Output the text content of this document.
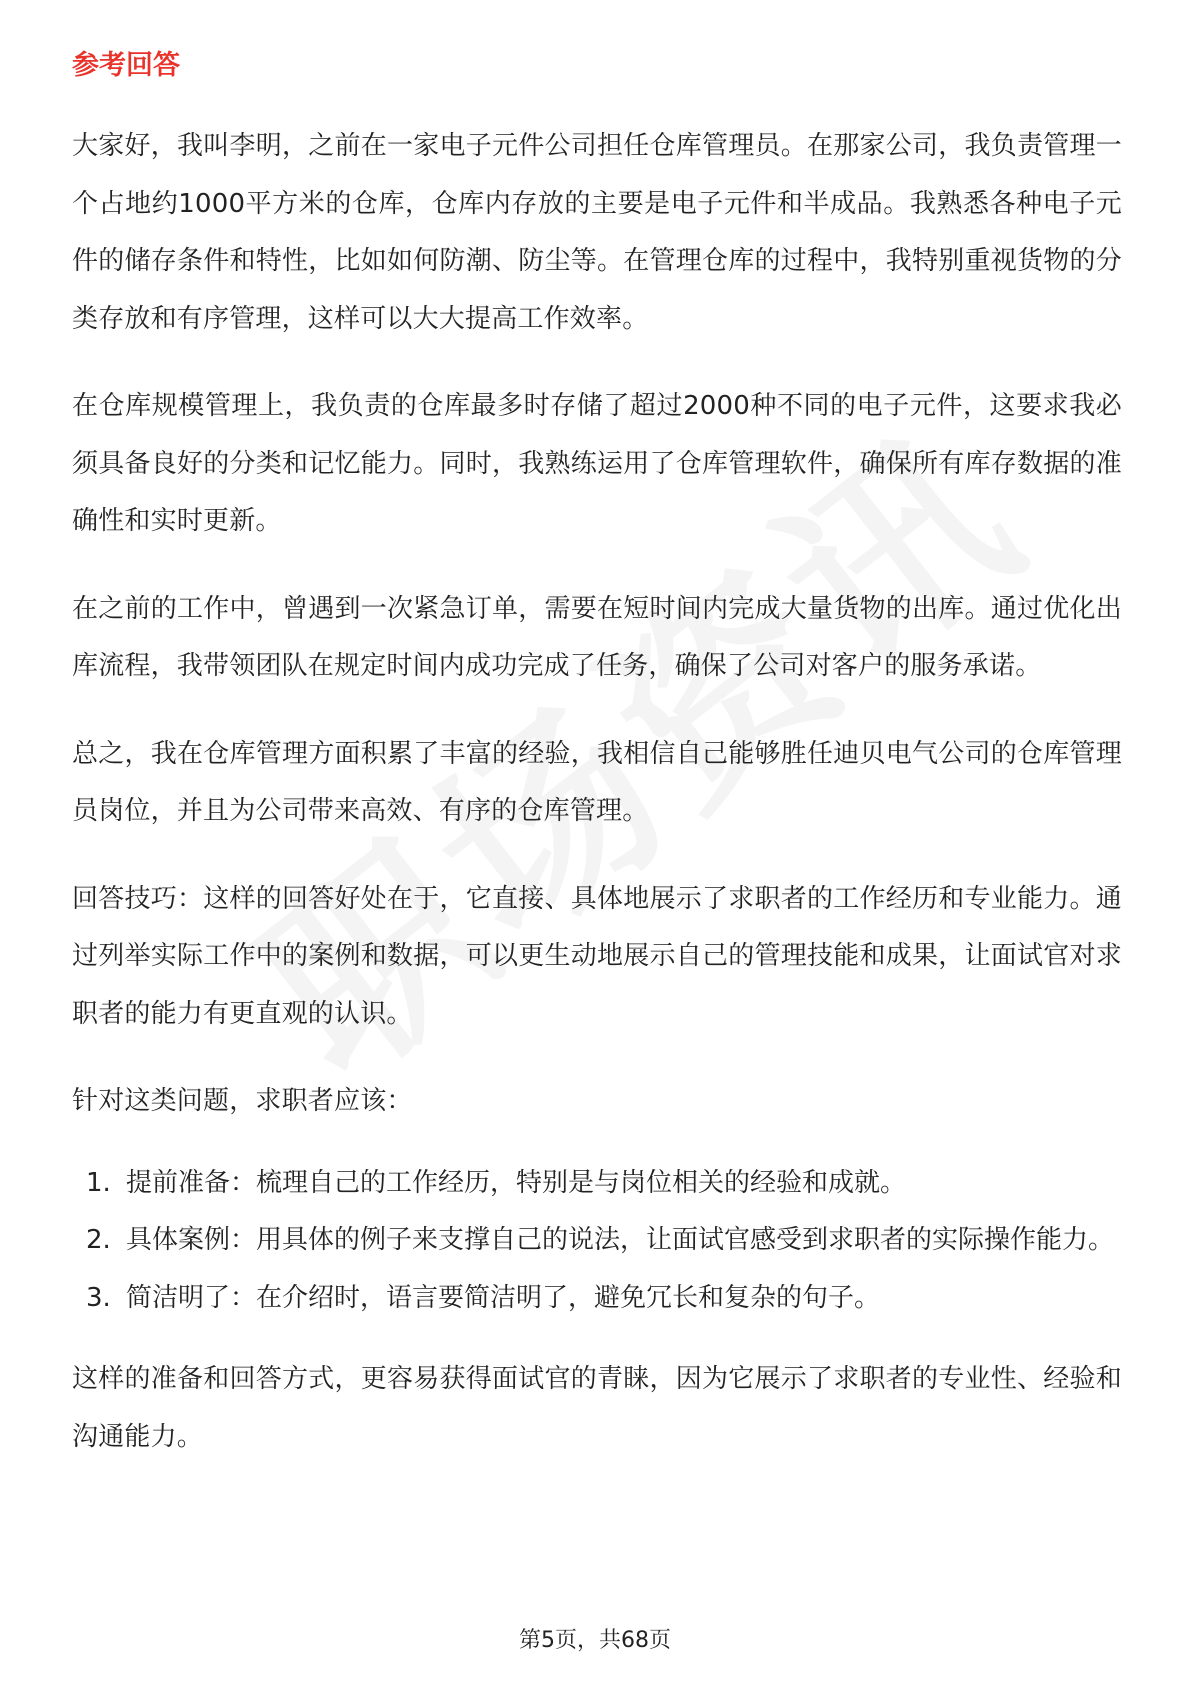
参考回答

大家好，我叫李明，之前在一家电子元件公司担任仓库管理员。在那家公司，我负责管理一个占地约1000平方米的仓库，仓库内存放的主要是电子元件和半成品。我熟悉各种电子元件的储存条件和特性，比如如何防潮、防尘等。在管理仓库的过程中，我特别重视货物的分类存放和有序管理，这样可以大大提高工作效率。

在仓库规模管理上，我负责的仓库最多时存储了超过2000种不同的电子元件，这要求我必须具备良好的分类和记忆能力。同时，我熟练运用了仓库管理软件，确保所有库存数据的准确性和实时更新。

在之前的工作中，曾遇到一次紧急订单，需要在短时间内完成大量货物的出库。通过优化出库流程，我带领团队在规定时间内成功完成了任务，确保了公司对客户的服务承诺。

总之，我在仓库管理方面积累了丰富的经验，我相信自己能够胜任迪贝电气公司的仓库管理员岗位，并且为公司带来高效、有序的仓库管理。

回答技巧：这样的回答好处在于，它直接、具体地展示了求职者的工作经历和专业能力。通过列举实际工作中的案例和数据，可以更生动地展示自己的管理技能和成果，让面试官对求职者的能力有更直观的认识。

针对这类问题，求职者应该：

1. 提前准备：梳理自己的工作经历，特别是与岗位相关的经验和成就。
2. 具体案例：用具体的例子来支撑自己的说法，让面试官感受到求职者的实际操作能力。
3. 简洁明了：在介绍时，语言要简洁明了，避免冗长和复杂的句子。

这样的准备和回答方式，更容易获得面试官的青睐，因为它展示了求职者的专业性、经验和沟通能力。

第5页，共68页
